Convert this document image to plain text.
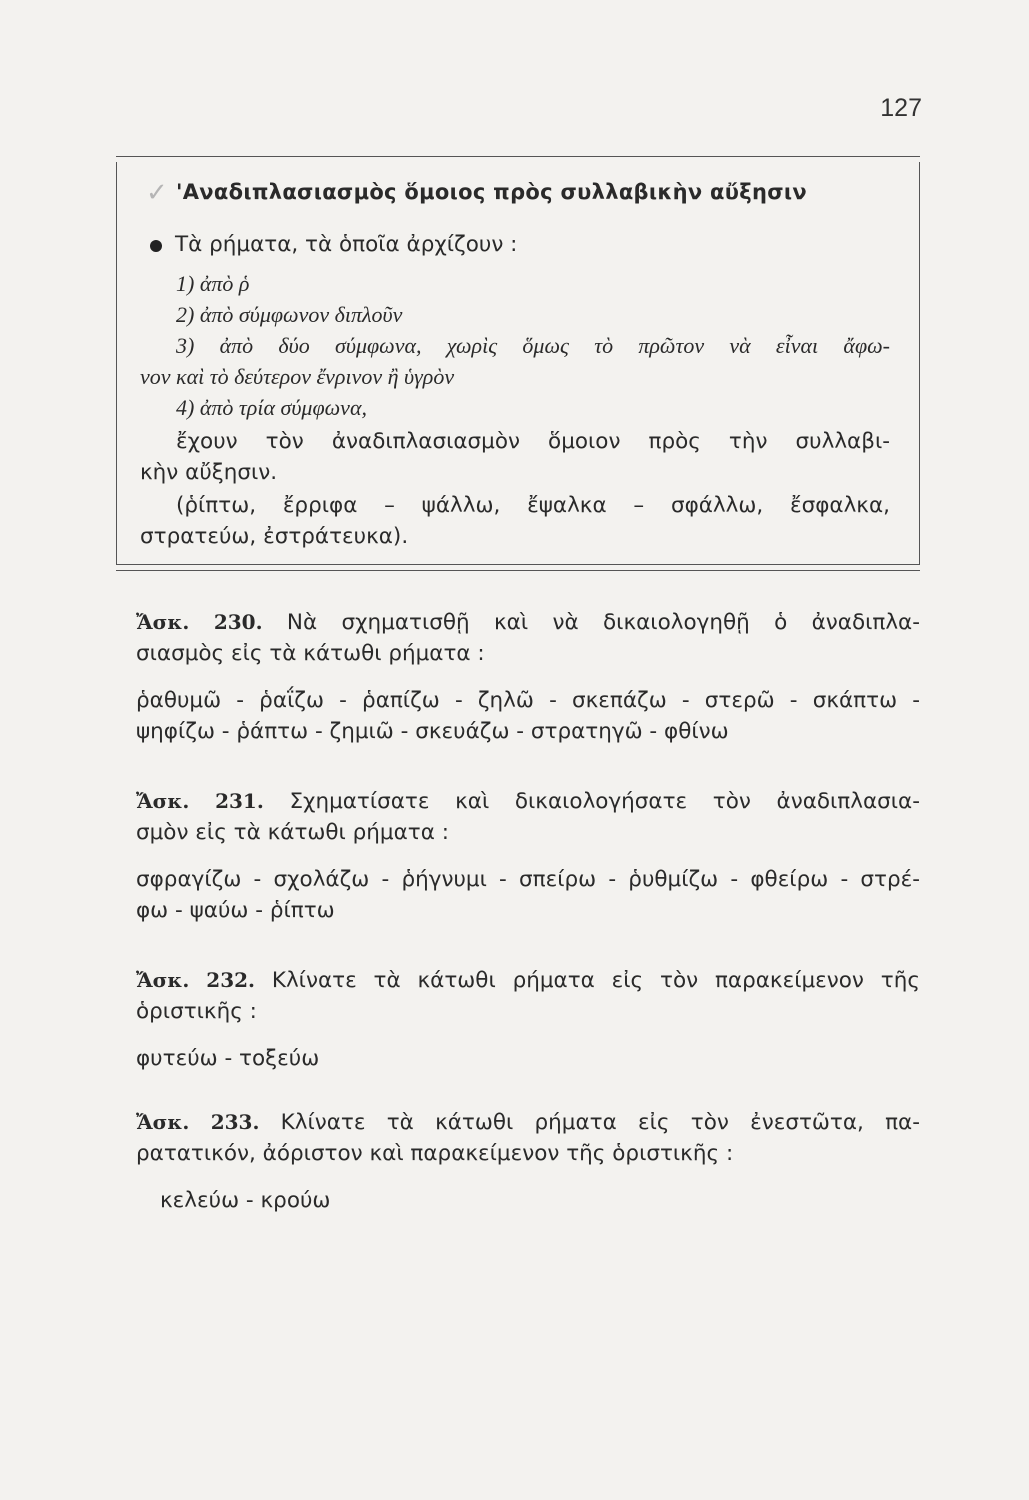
127
✓ 'Αναδιπλασιασμὸς ὅμοιος πρὸς συλλαβικὴν αὔξησιν
Τὰ ρήματα, τὰ ὁποῖα ἀρχίζουν :
1) ἀπὸ ῥ
2) ἀπὸ σύμφωνον διπλοῦν
3) ἀπὸ δύο σύμφωνα, χωρὶς ὅμως τὸ πρῶτον νὰ εἶναι ἄφω-
νον καὶ τὸ δεύτερον ἔνρινον ἢ ὑγρὸν
4) ἀπὸ τρία σύμφωνα,
ἔχουν τὸν ἀναδιπλασιασμὸν ὅμοιον πρὸς τὴν συλλαβι-
κὴν αὔξησιν.
(ῥίπτω, ἔρριφα – ψάλλω, ἔψαλκα – σφάλλω, ἔσφαλκα,
στρατεύω, ἐστράτευκα).
Ἄσκ. 230. Νὰ σχηματισθῇ καὶ νὰ δικαιολογηθῇ ὁ ἀναδιπλα-
σιασμὸς εἰς τὰ κάτωθι ρήματα :
ῥαθυμῶ - ῥαΐζω - ῥαπίζω - ζηλῶ - σκεπάζω - στερῶ - σκάπτω -
ψηφίζω - ῥάπτω - ζημιῶ - σκευάζω - στρατηγῶ - φθίνω
Ἄσκ. 231. Σχηματίσατε καὶ δικαιολογήσατε τὸν ἀναδιπλασια-
σμὸν εἰς τὰ κάτωθι ρήματα :
σφραγίζω - σχολάζω - ῥήγνυμι - σπείρω - ῥυθμίζω - φθείρω - στρέ-
φω - ψαύω - ῥίπτω
Ἄσκ. 232. Κλίνατε τὰ κάτωθι ρήματα εἰς τὸν παρακείμενον τῆς
ὁριστικῆς :
φυτεύω - τοξεύω
Ἄσκ. 233. Κλίνατε τὰ κάτωθι ρήματα εἰς τὸν ἐνεστῶτα, πα-
ρατατικόν, ἀόριστον καὶ παρακείμενον τῆς ὁριστικῆς :
κελεύω - κρούω
